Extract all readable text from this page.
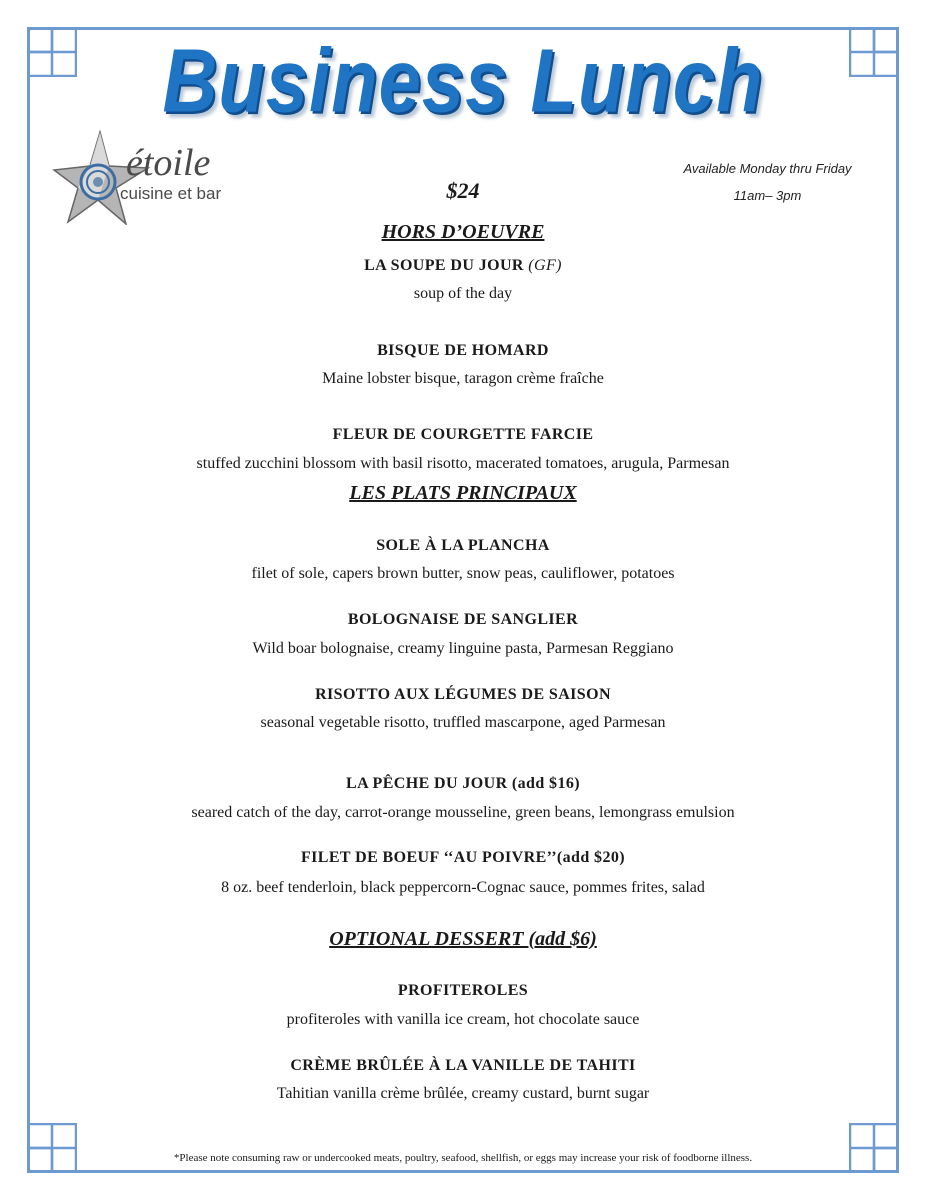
Business Lunch
étoile
cuisine et bar	$24
Available Monday thru Friday
11am– 3pm
HORS D’OEUVRE
LA SOUPE DU JOUR (GF)
soup of the day
BISQUE DE HOMARD
Maine lobster bisque, taragon crème fraîche
FLEUR DE COURGETTE FARCIE
stuffed zucchini blossom with basil risotto, macerated tomatoes, arugula, Parmesan
LES PLATS PRINCIPAUX
SOLE À LA PLANCHA
filet of sole, capers brown butter, snow peas, cauliflower, potatoes
BOLOGNAISE DE SANGLIER
Wild boar bolognaise, creamy linguine pasta, Parmesan Reggiano
RISOTTO AUX LÉGUMES DE SAISON
seasonal vegetable risotto, truffled mascarpone, aged Parmesan
LA PÊCHE DU JOUR (add $16)
seared catch of the day, carrot-orange mousseline, green beans, lemongrass emulsion
FILET DE BOEUF ‘‘AU POIVRE’’(add $20)
8 oz. beef tenderloin, black peppercorn-Cognac sauce, pommes frites, salad
OPTIONAL DESSERT (add $6)
PROFITEROLES
profiteroles with vanilla ice cream, hot chocolate sauce
CRÈME BRÛLÉE À LA VANILLE DE TAHITI
Tahitian vanilla crème brûlée, creamy custard, burnt sugar
*Please note consuming raw or undercooked meats, poultry, seafood, shellfish, or eggs may increase your risk of foodborne illness.
